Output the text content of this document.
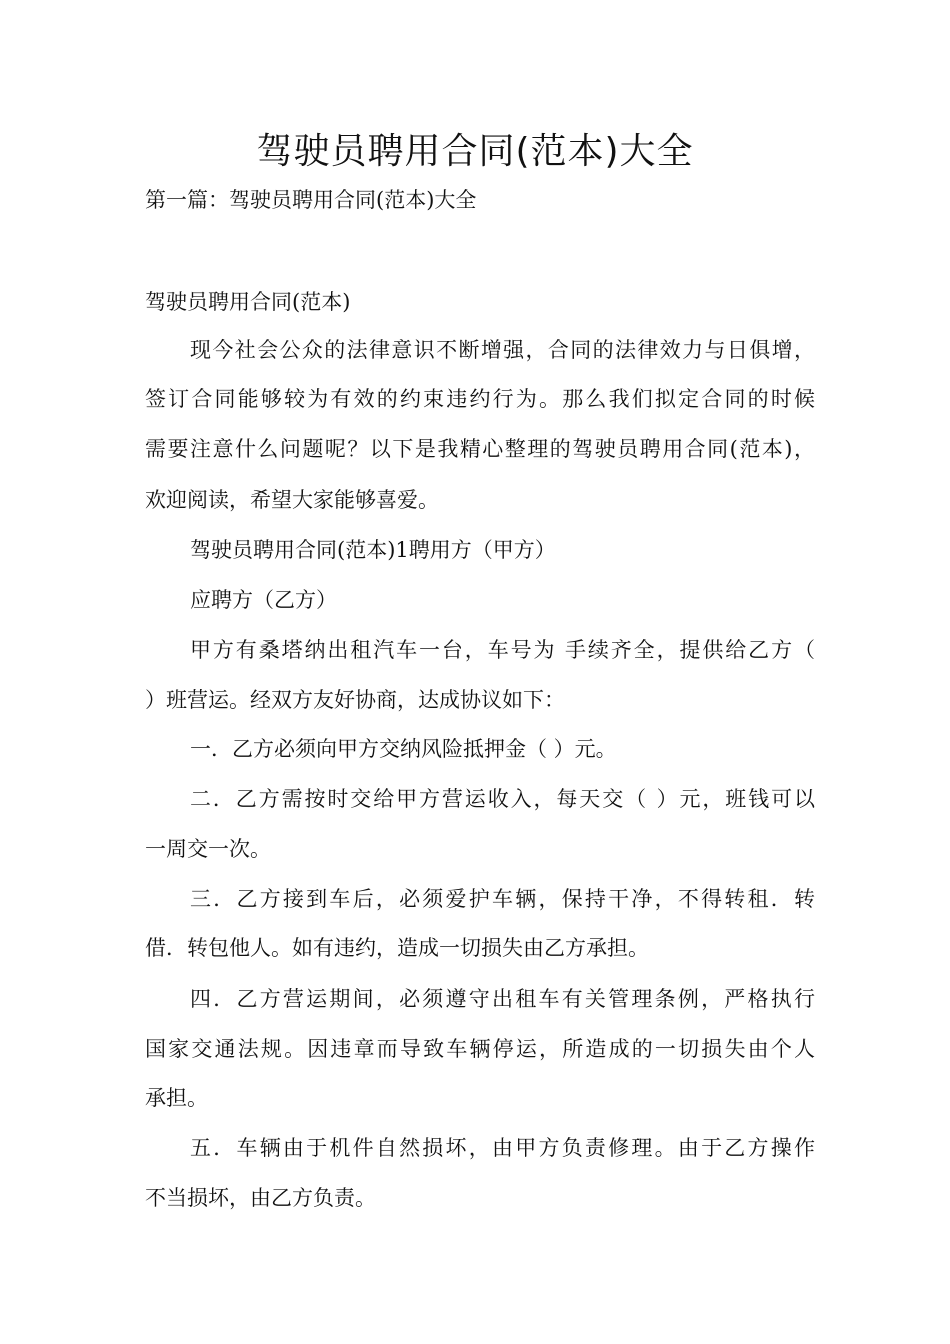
驾驶员聘用合同(范本)大全

第一篇：驾驶员聘用合同(范本)大全

驾驶员聘用合同(范本)

现今社会公众的法律意识不断增强，合同的法律效力与日俱增，

签订合同能够较为有效的约束违约行为。那么我们拟定合同的时候

需要注意什么问题呢？以下是我精心整理的驾驶员聘用合同(范本)，

欢迎阅读，希望大家能够喜爱。

驾驶员聘用合同(范本)1聘用方（甲方）

应聘方（乙方）

甲方有桑塔纳出租汽车一台，车号为 手续齐全，提供给乙方（

）班营运。经双方友好协商，达成协议如下：

一．乙方必须向甲方交纳风险抵押金（ ）元。

二．乙方需按时交给甲方营运收入，每天交（ ）元，班钱可以

一周交一次。

三．乙方接到车后，必须爱护车辆，保持干净，不得转租．转

借．转包他人。如有违约，造成一切损失由乙方承担。

四．乙方营运期间，必须遵守出租车有关管理条例，严格执行

国家交通法规。因违章而导致车辆停运，所造成的一切损失由个人

承担。

五．车辆由于机件自然损坏，由甲方负责修理。由于乙方操作

不当损坏，由乙方负责。
